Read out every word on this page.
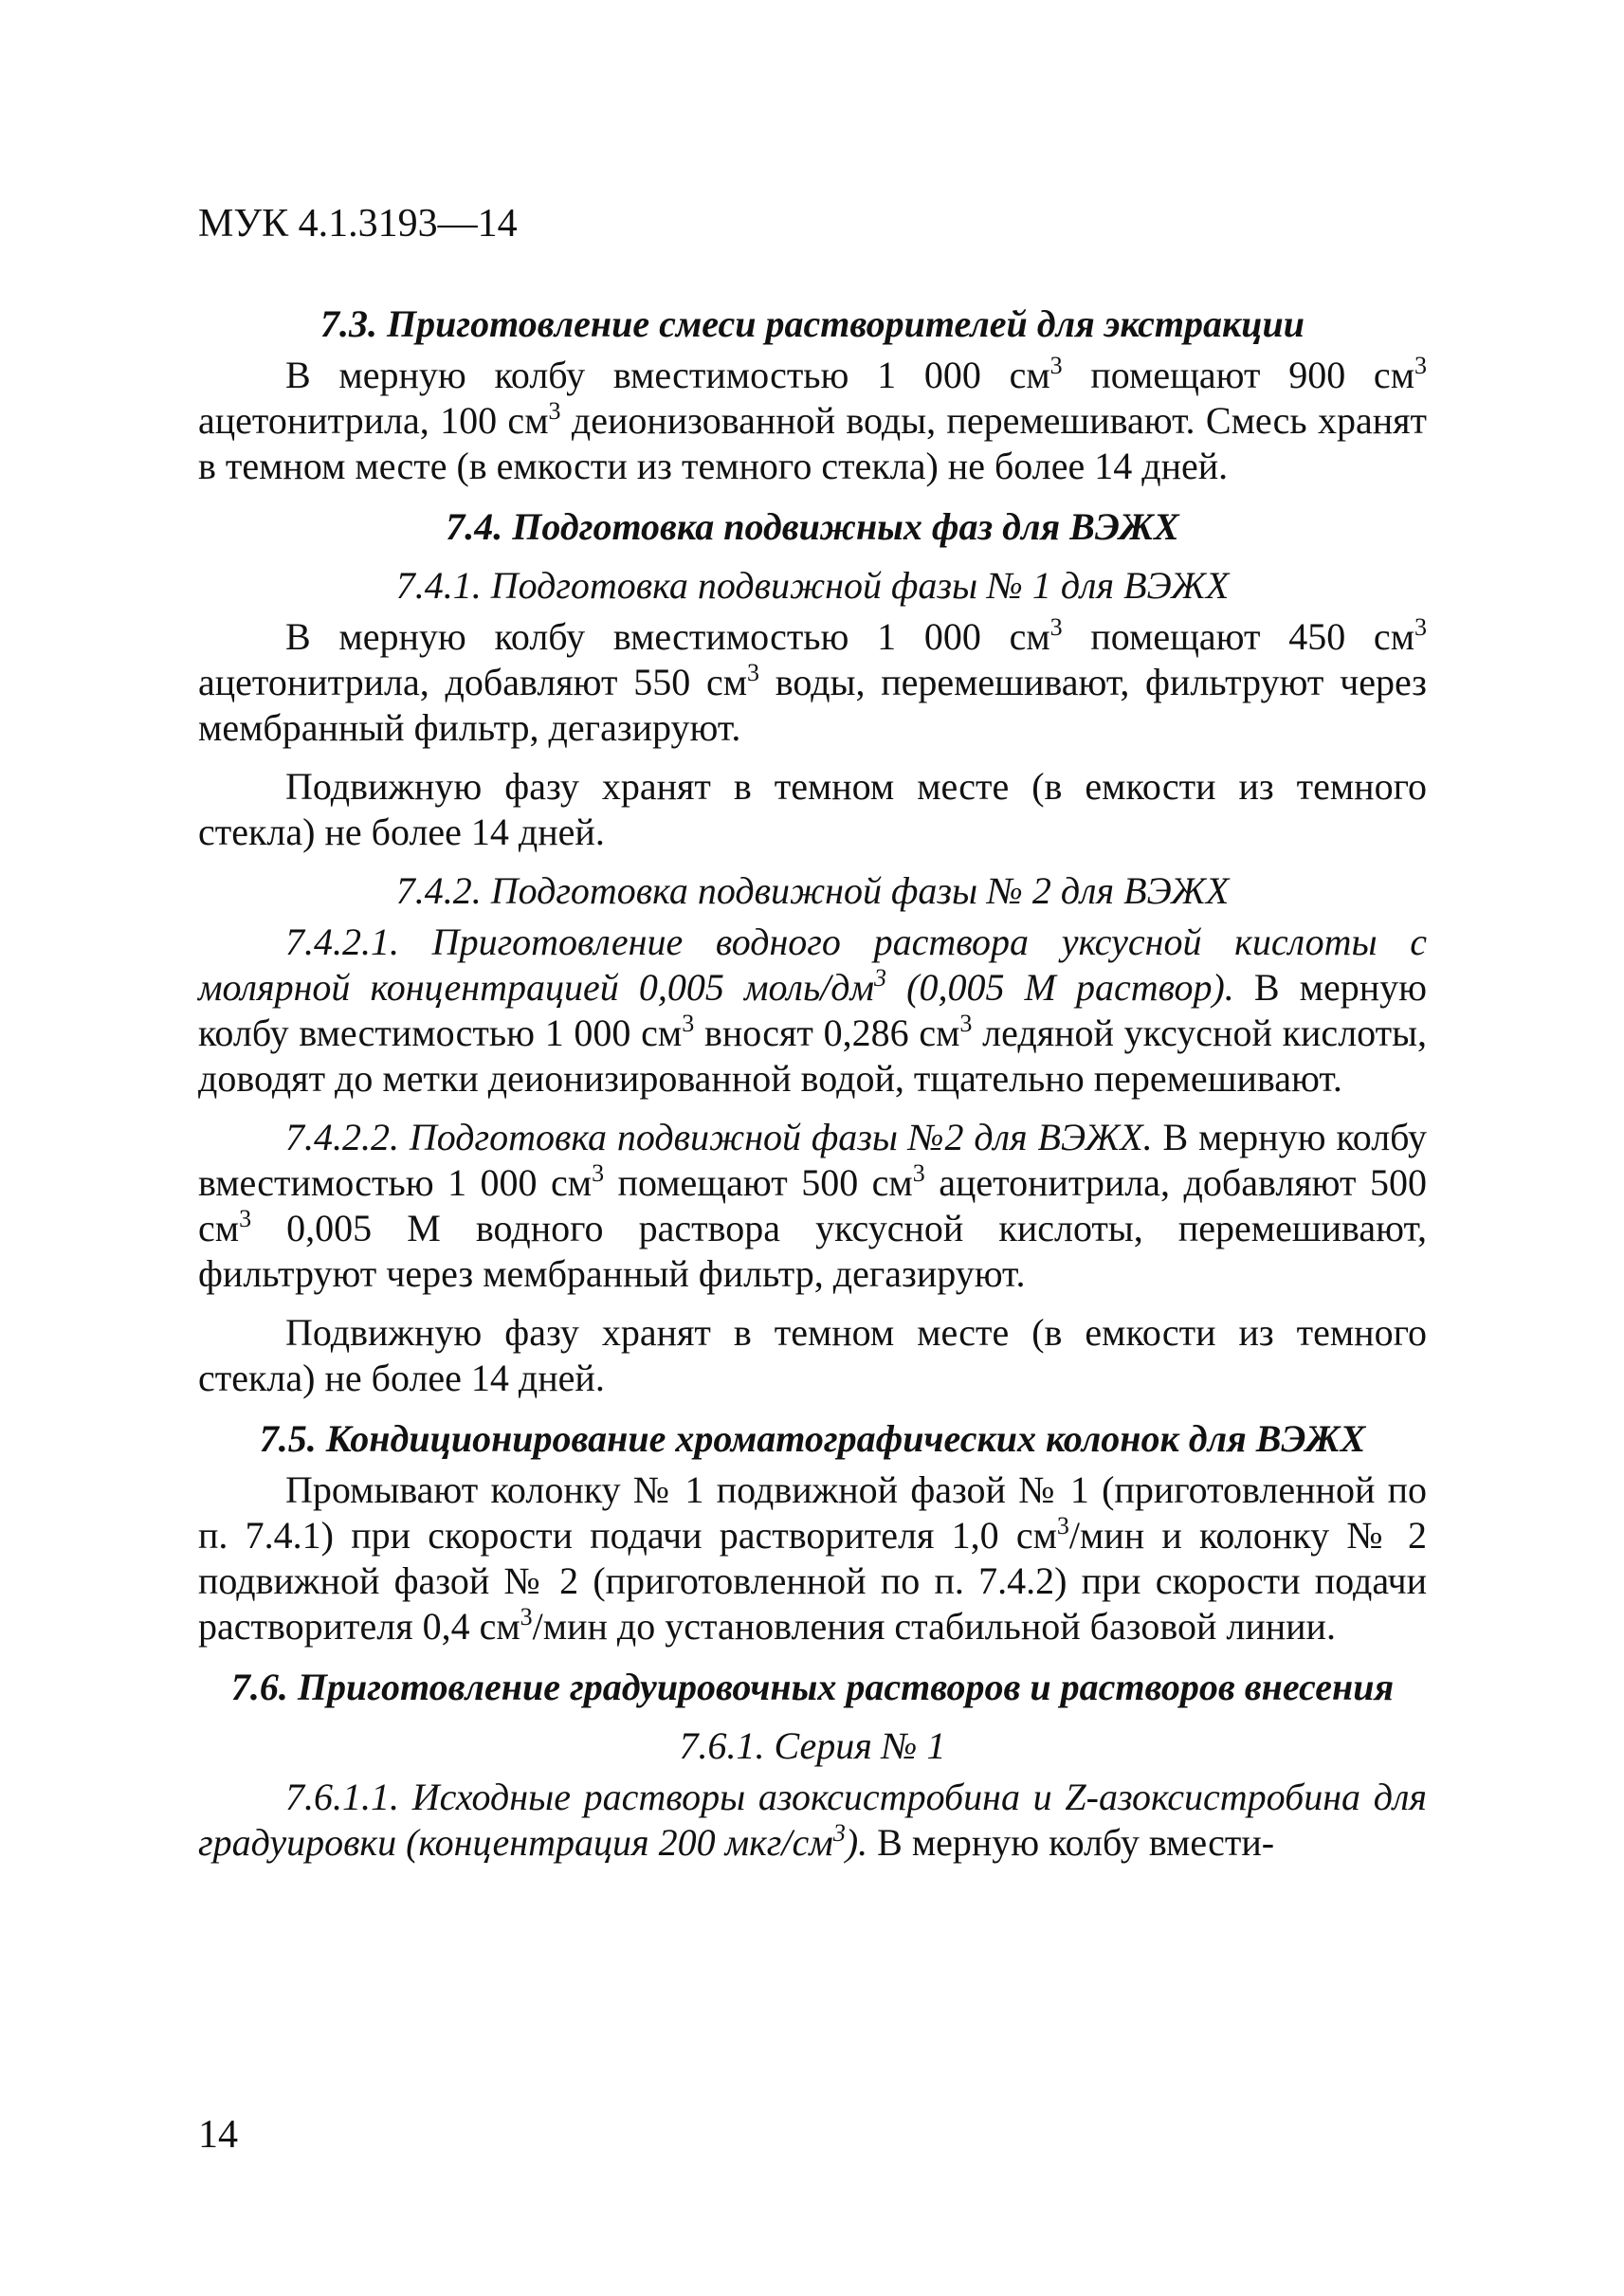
МУК 4.1.3193—14

7.3. Приготовление смеси растворителей для экстракции

В мерную колбу вместимостью 1 000 $см^3$ помещают 900 $см^3$ ацетонитрила, 100 $см^3$ деионизованной воды, перемешивают. Смесь хранят в темном месте (в емкости из темного стекла) не более 14 дней.

7.4. Подготовка подвижных фаз для ВЭЖХ

7.4.1. Подготовка подвижной фазы № 1 для ВЭЖХ

В мерную колбу вместимостью 1 000 $см^3$ помещают 450 $см^3$ ацетонитрила, добавляют 550 $см^3$ воды, перемешивают, фильтруют через мембранный фильтр, дегазируют.

Подвижную фазу хранят в темном месте (в емкости из темного стекла) не более 14 дней.

7.4.2. Подготовка подвижной фазы № 2 для ВЭЖХ

7.4.2.1. Приготовление водного раствора уксусной кислоты с молярной концентрацией 0,005 моль/$дм^3$ (0,005 М раствор). В мерную колбу вместимостью 1 000 $см^3$ вносят 0,286 $см^3$ ледяной уксусной кислоты, доводят до метки деионизированной водой, тщательно перемешивают.

7.4.2.2. Подготовка подвижной фазы №2 для ВЭЖХ. В мерную колбу вместимостью 1 000 $см^3$ помещают 500 $см^3$ ацетонитрила, добавляют 500 $см^3$ 0,005 М водного раствора уксусной кислоты, перемешивают, фильтруют через мембранный фильтр, дегазируют.

Подвижную фазу хранят в темном месте (в емкости из темного стекла) не более 14 дней.

7.5. Кондиционирование хроматографических колонок для ВЭЖХ

Промывают колонку № 1 подвижной фазой № 1 (приготовленной по п. 7.4.1) при скорости подачи растворителя 1,0 $см^3$/мин и колонку № 2 подвижной фазой № 2 (приготовленной по п. 7.4.2) при скорости подачи растворителя 0,4 $см^3$/мин до установления стабильной базовой линии.

7.6. Приготовление градуировочных растворов и растворов внесения

7.6.1. Серия № 1

7.6.1.1. Исходные растворы азоксистробина и Z-азоксистробина для градуировки (концентрация 200 мкг/$см^3$). В мерную колбу вмести-

14
